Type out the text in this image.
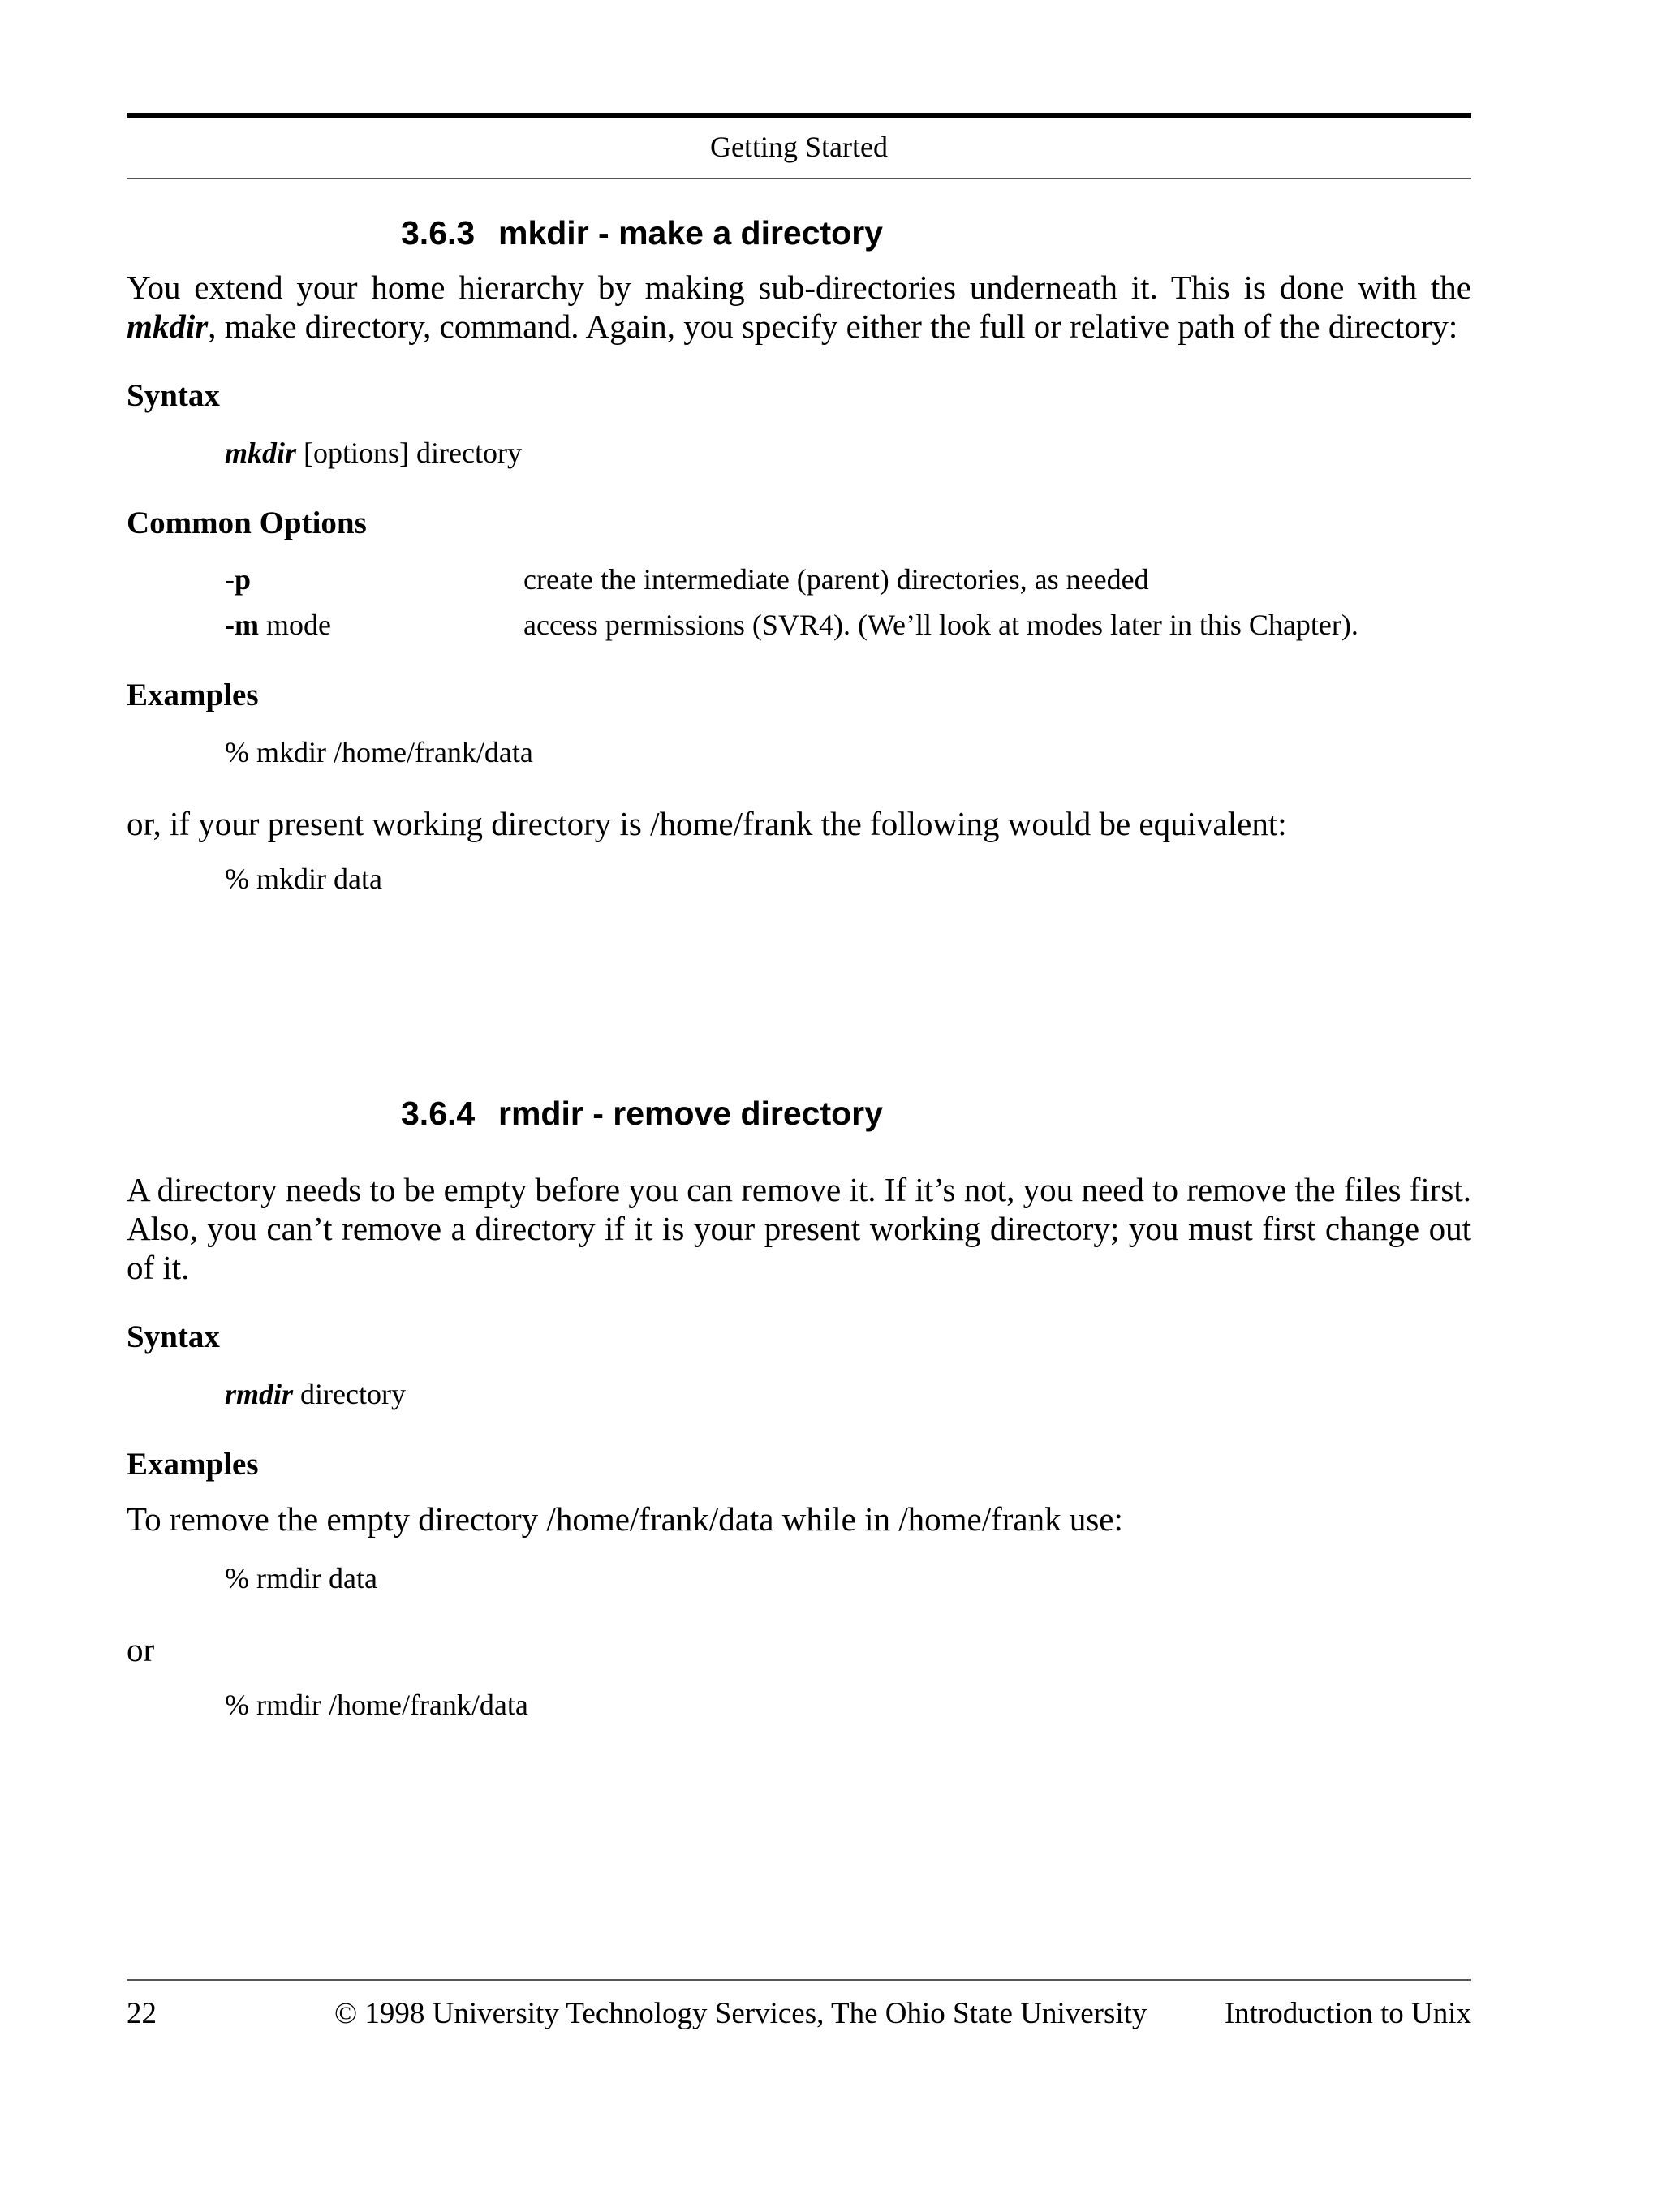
Getting Started
3.6.3 mkdir - make a directory
You extend your home hierarchy by making sub-directories underneath it. This is done with the mkdir, make directory, command. Again, you specify either the full or relative path of the directory:
Syntax
mkdir [options] directory
Common Options
-p	create the intermediate (parent) directories, as needed
-m mode	access permissions (SVR4). (We’ll look at modes later in this Chapter).
Examples
% mkdir /home/frank/data
or, if your present working directory is /home/frank the following would be equivalent:
% mkdir data
3.6.4 rmdir - remove directory
A directory needs to be empty before you can remove it. If it’s not, you need to remove the files first. Also, you can’t remove a directory if it is your present working directory; you must first change out of it.
Syntax
rmdir directory
Examples
To remove the empty directory /home/frank/data while in /home/frank use:
% rmdir data
or
% rmdir /home/frank/data
22	© 1998 University Technology Services, The Ohio State University	Introduction to Unix
